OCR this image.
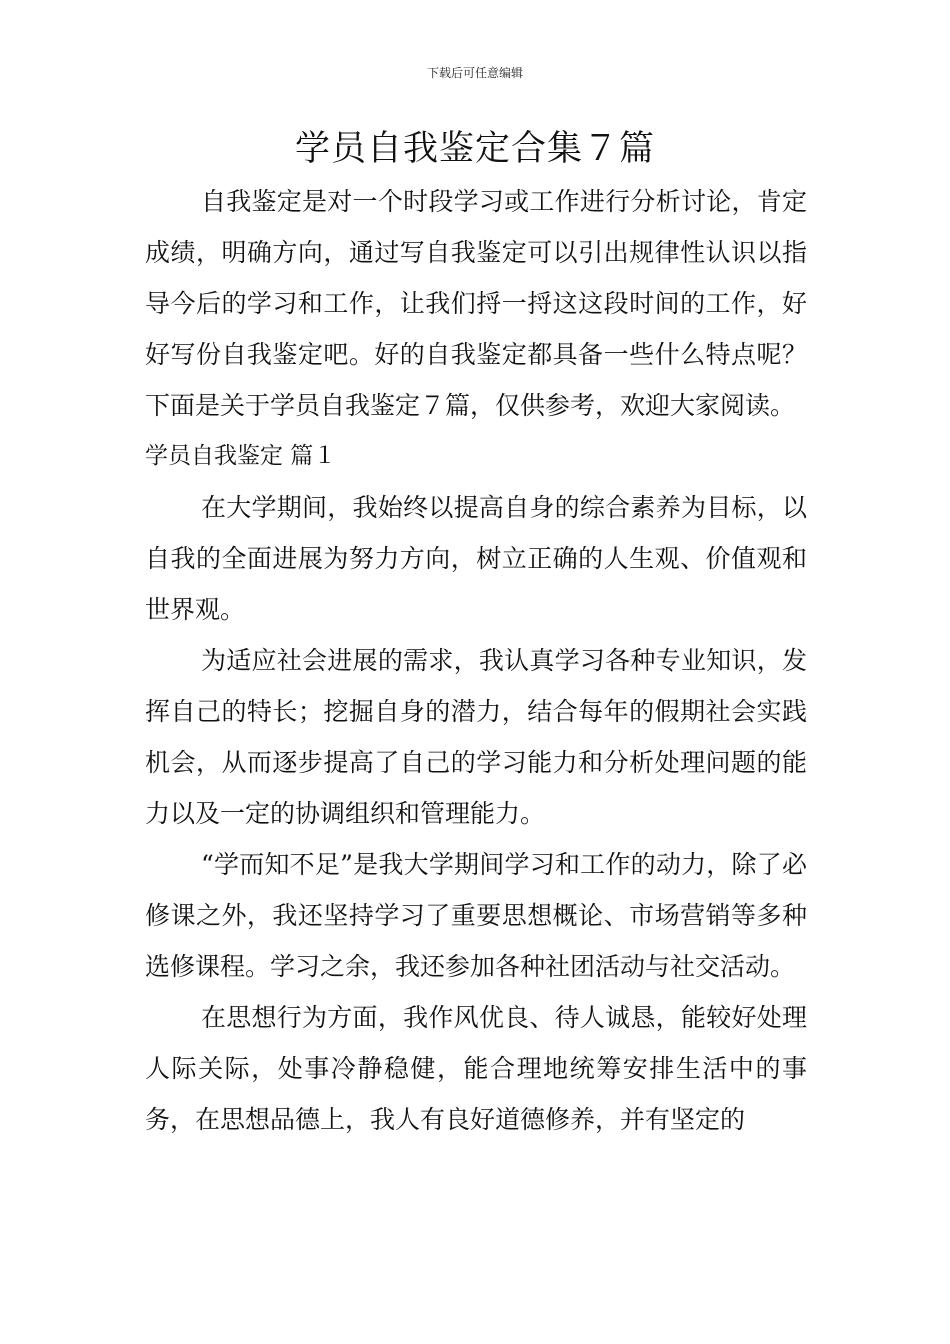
下载后可任意编辑
学员自我鉴定合集７篇

自我鉴定是对一个时段学习或工作进行分析讨论，肯定成绩，明确方向，通过写自我鉴定可以引出规律性认识以指导今后的学习和工作，让我们捋一捋这这段时间的工作，好好写份自我鉴定吧。好的自我鉴定都具备一些什么特点呢？下面是关于学员自我鉴定７篇，仅供参考，欢迎大家阅读。

学员自我鉴定 篇１

在大学期间，我始终以提高自身的综合素养为目标，以自我的全面进展为努力方向，树立正确的人生观、价值观和世界观。

为适应社会进展的需求，我认真学习各种专业知识，发挥自己的特长；挖掘自身的潜力，结合每年的假期社会实践机会，从而逐步提高了自己的学习能力和分析处理问题的能力以及一定的协调组织和管理能力。

“学而知不足”是我大学期间学习和工作的动力，除了必修课之外，我还坚持学习了重要思想概论、市场营销等多种选修课程。学习之余，我还参加各种社团活动与社交活动。

在思想行为方面，我作风优良、待人诚恳，能较好处理人际关际，处事冷静稳健，能合理地统筹安排生活中的事务，在思想品德上，我人有良好道德修养，并有坚定的
